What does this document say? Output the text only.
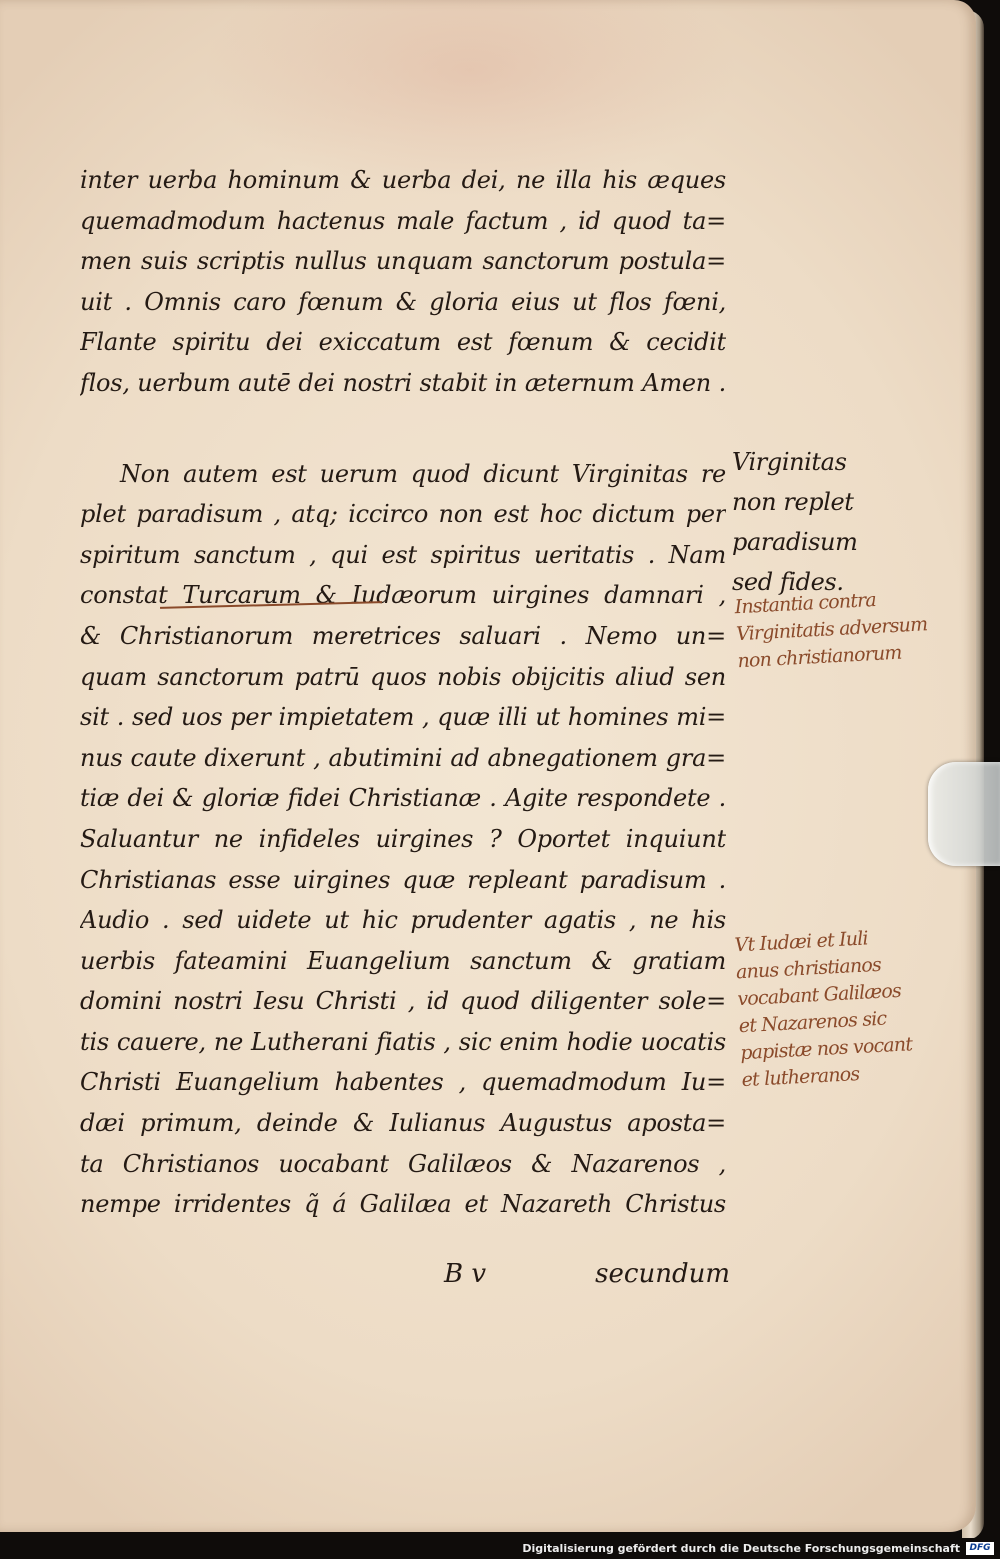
inter uerba hominum & uerba dei, ne illa his æques
quemadmodum hactenus male factum , id quod ta=
men suis scriptis nullus unquam sanctorum postula=
uit . Omnis caro fœnum & gloria eius ut flos fœni,
Flante spiritu dei exiccatum est fœnum & cecidit
flos, uerbum autē dei nostri stabit in æternum Amen .
Non autem est uerum quod dicunt Virginitas re
plet paradisum , atq; iccirco non est hoc dictum per
spiritum sanctum , qui est spiritus ueritatis . Nam
constat Turcarum & Iudæorum uirgines damnari ,
& Christianorum meretrices saluari . Nemo un=
quam sanctorum patrū quos nobis obijcitis aliud sen
sit . sed uos per impietatem , quæ illi ut homines mi=
nus caute dixerunt , abutimini ad abnegationem gra=
tiæ dei & gloriæ fidei Christianæ . Agite respondete .
Saluantur ne infideles uirgines ? Oportet inquiunt
Christianas esse uirgines quæ repleant paradisum .
Audio . sed uidete ut hic prudenter agatis , ne his
uerbis fateamini Euangelium sanctum & gratiam
domini nostri Iesu Christi , id quod diligenter sole=
tis cauere, ne Lutherani fiatis , sic enim hodie uocatis
Christi Euangelium habentes , quemadmodum Iu=
dæi primum, deinde & Iulianus Augustus aposta=
ta Christianos uocabant Galilæos & Nazarenos ,
nempe irridentes q̃ á Galilæa et Nazareth Christus
Virginitas
non replet
paradisum
sed fides.
Instantia contra
Virginitatis adversum
non christianorum
Vt Iudæi et Iuli
anus christianos
vocabant Galilæos
et Nazarenos sic
papistæ nos vocant
et lutheranos
B v	secundum
Digitalisierung gefördert durch die Deutsche Forschungsgemeinschaft	DFG
